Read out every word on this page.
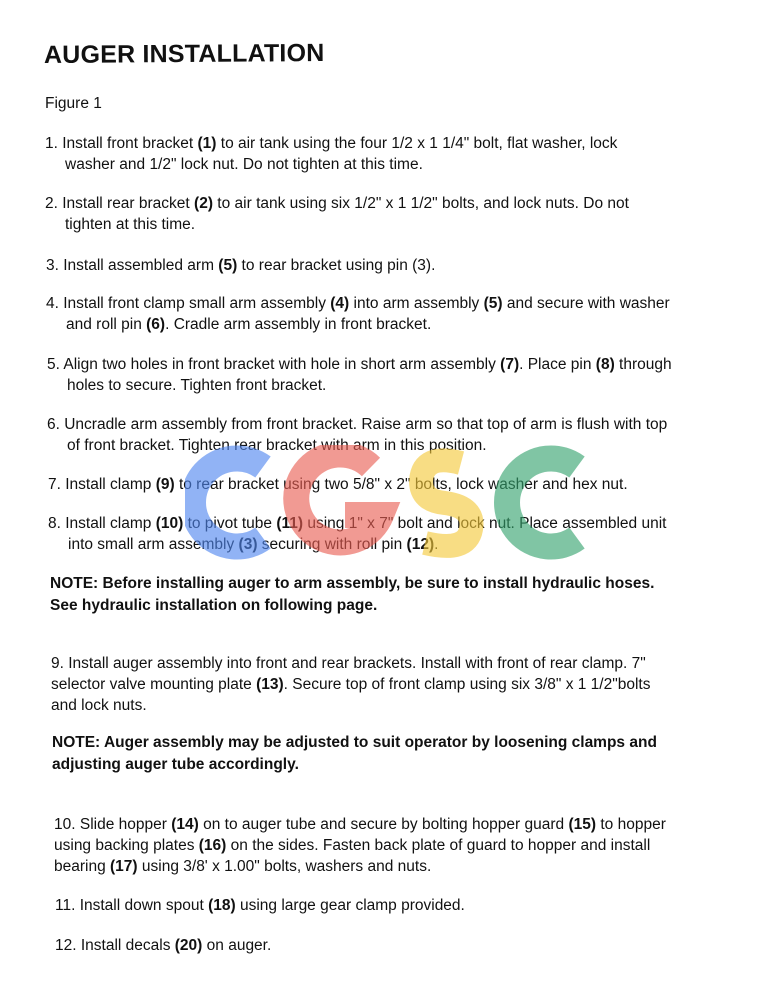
AUGER INSTALLATION
Figure 1
1. Install front bracket (1) to air tank using the four 1/2 x 1 1/4" bolt, flat washer, lock
washer and 1/2" lock nut. Do not tighten at this time.
2. Install rear bracket (2) to air tank using six 1/2" x 1 1/2" bolts, and lock nuts. Do not
tighten at this time.
3. Install assembled arm (5) to rear bracket using pin (3).
4. Install front clamp small arm assembly (4) into arm assembly (5) and secure with washer
and roll pin (6). Cradle arm assembly in front bracket.
5. Align two holes in front bracket with hole in short arm assembly (7). Place pin (8) through
holes to secure. Tighten front bracket.
6. Uncradle arm assembly from front bracket. Raise arm so that top of arm is flush with top
of front bracket. Tighten rear bracket with arm in this position.
7. Install clamp (9) to rear bracket using two 5/8" x 2" bolts, lock washer and hex nut.
8. Install clamp (10) to pivot tube (11) using 1" x 7" bolt and lock nut. Place assembled unit
into small arm assembly (3) securing with roll pin (12).
NOTE: Before installing auger to arm assembly, be sure to install hydraulic hoses.
See hydraulic installation on following page.
9. Install auger assembly into front and rear brackets. Install with front of rear clamp. 7"
selector valve mounting plate (13). Secure top of front clamp using six 3/8" x 1 1/2"bolts
and lock nuts.
NOTE: Auger assembly may be adjusted to suit operator by loosening clamps and
adjusting auger tube accordingly.
10. Slide hopper (14) on to auger tube and secure by bolting hopper guard (15) to hopper
using backing plates (16) on the sides. Fasten back plate of guard to hopper and install
bearing (17) using 3/8' x 1.00" bolts, washers and nuts.
11. Install down spout (18) using large gear clamp provided.
12. Install decals (20) on auger.
